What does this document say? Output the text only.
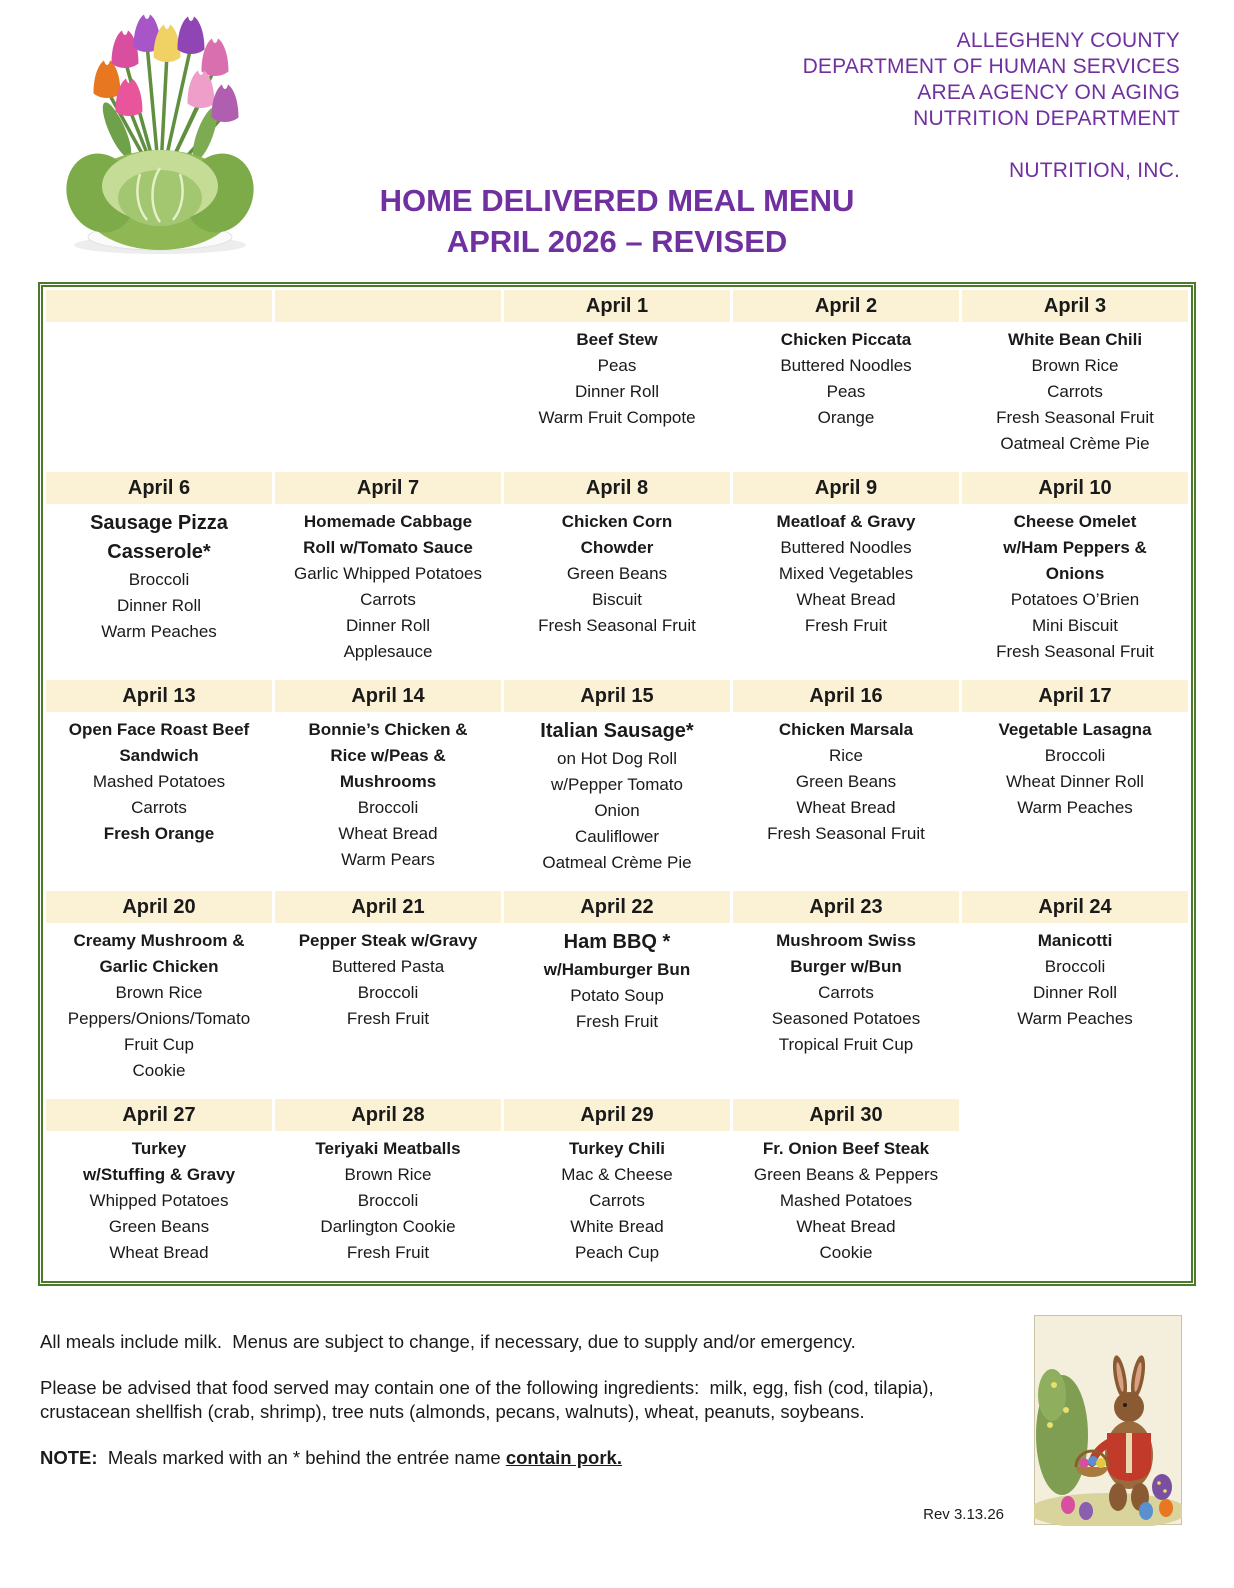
ALLEGHENY COUNTY
DEPARTMENT OF HUMAN SERVICES
AREA AGENCY ON AGING
NUTRITION DEPARTMENT
NUTRITION, INC.
HOME DELIVERED MEAL MENU
APRIL 2026 – REVISED
		April 1	April 2	April 3

Beef Stew
Peas
Dinner Roll
Warm Fruit Compote

Chicken Piccata
Buttered Noodles
Peas
Orange

White Bean Chili
Brown Rice
Carrots
Fresh Seasonal Fruit
Oatmeal Crème Pie

April 6	April 7	April 8	April 9	April 10

Sausage Pizza
Casserole*
Broccoli
Dinner Roll
Warm Peaches

Homemade Cabbage
Roll w/Tomato Sauce
Garlic Whipped Potatoes
Carrots
Dinner Roll
Applesauce

Chicken Corn
Chowder
Green Beans
Biscuit
Fresh Seasonal Fruit

Meatloaf & Gravy
Buttered Noodles
Mixed Vegetables
Wheat Bread
Fresh Fruit

Cheese Omelet
w/Ham Peppers &
Onions
Potatoes O’Brien
Mini Biscuit
Fresh Seasonal Fruit

April 13	April 14	April 15	April 16	April 17

Open Face Roast Beef
Sandwich
Mashed Potatoes
Carrots
Fresh Orange

Bonnie’s Chicken &
Rice w/Peas &
Mushrooms
Broccoli
Wheat Bread
Warm Pears

Italian Sausage*
on Hot Dog Roll
w/Pepper Tomato
Onion
Cauliflower
Oatmeal Crème Pie

Chicken Marsala
Rice
Green Beans
Wheat Bread
Fresh Seasonal Fruit

Vegetable Lasagna
Broccoli
Wheat Dinner Roll
Warm Peaches

April 20	April 21	April 22	April 23	April 24

Creamy Mushroom &
Garlic Chicken
Brown Rice
Peppers/Onions/Tomato
Fruit Cup
Cookie

Pepper Steak w/Gravy
Buttered Pasta
Broccoli
Fresh Fruit

Ham BBQ *
w/Hamburger Bun
Potato Soup
Fresh Fruit

Mushroom Swiss
Burger w/Bun
Carrots
Seasoned Potatoes
Tropical Fruit Cup

Manicotti
Broccoli
Dinner Roll
Warm Peaches

April 27	April 28	April 29	April 30	

Turkey
w/Stuffing & Gravy
Whipped Potatoes
Green Beans
Wheat Bread

Teriyaki Meatballs
Brown Rice
Broccoli
Darlington Cookie
Fresh Fruit

Turkey Chili
Mac & Cheese
Carrots
White Bread
Peach Cup

Fr. Onion Beef Steak
Green Beans & Peppers
Mashed Potatoes
Wheat Bread
Cookie

All meals include milk.  Menus are subject to change, if necessary, due to supply and/or emergency.

Please be advised that food served may contain one of the following ingredients:  milk, egg, fish (cod, tilapia), crustacean shellfish (crab, shrimp), tree nuts (almonds, pecans, walnuts), wheat, peanuts, soybeans.

NOTE:  Meals marked with an * behind the entrée name contain pork.

Rev 3.13.26
